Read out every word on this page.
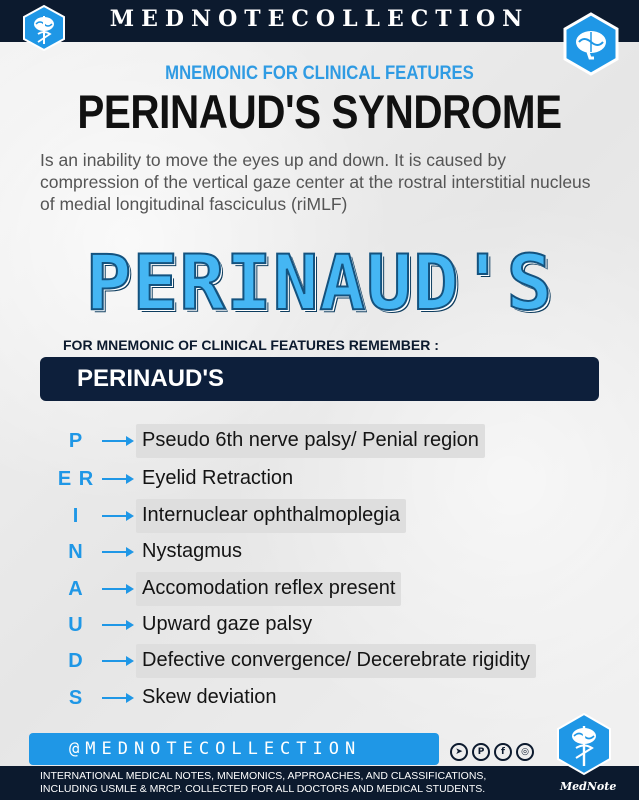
MEDNOTECOLLECTION
MNEMONIC FOR CLINICAL FEATURES
PERINAUD'S SYNDROME
Is an inability to move the eyes up and down. It is caused by compression of the vertical gaze center at the rostral interstitial nucleus of medial longitudinal fasciculus (riMLF)
PERINAUD'S
FOR MNEMONIC OF CLINICAL FEATURES REMEMBER :
PERINAUD'S
P	Pseudo 6th nerve palsy/ Penial region
E R	Eyelid Retraction
I	Internuclear ophthalmoplegia
N	Nystagmus
A	Accomodation reflex present
U	Upward gaze palsy
D	Defective convergence/ Decerebrate rigidity
S	Skew deviation
@MEDNOTECOLLECTION	➤	P	f	◎
INTERNATIONAL MEDICAL NOTES, MNEMONICS, APPROACHES, AND CLASSIFICATIONS,
INCLUDING USMLE & MRCP. COLLECTED FOR ALL DOCTORS AND MEDICAL STUDENTS.	MedNote
